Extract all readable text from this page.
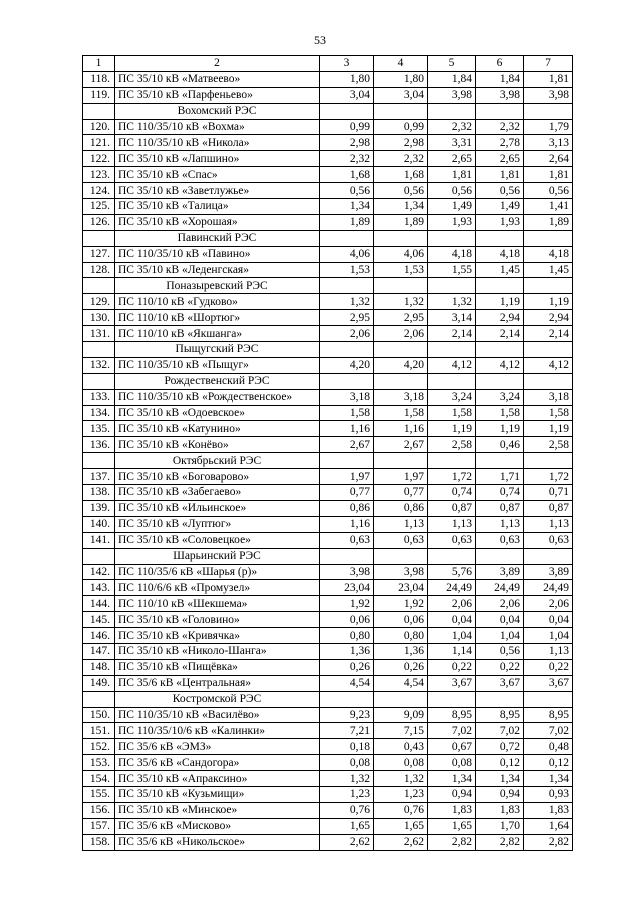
53
1	2	3	4	5	6	7
118.	ПС 35/10 кВ «Матвеево»	1,80	1,80	1,84	1,84	1,81
119.	ПС 35/10 кВ «Парфеньево»	3,04	3,04	3,98	3,98	3,98
	Вохомский РЭС					
120.	ПС 110/35/10 кВ «Вохма»	0,99	0,99	2,32	2,32	1,79
121.	ПС 110/35/10 кВ «Никола»	2,98	2,98	3,31	2,78	3,13
122.	ПС 35/10 кВ «Лапшино»	2,32	2,32	2,65	2,65	2,64
123.	ПС 35/10 кВ «Спас»	1,68	1,68	1,81	1,81	1,81
124.	ПС 35/10 кВ «Заветлужье»	0,56	0,56	0,56	0,56	0,56
125.	ПС 35/10 кВ «Талица»	1,34	1,34	1,49	1,49	1,41
126.	ПС 35/10 кВ «Хорошая»	1,89	1,89	1,93	1,93	1,89
	Павинский РЭС					
127.	ПС 110/35/10 кВ «Павино»	4,06	4,06	4,18	4,18	4,18
128.	ПС 35/10 кВ «Леденгская»	1,53	1,53	1,55	1,45	1,45
	Поназыревский РЭС					
129.	ПС 110/10 кВ «Гудково»	1,32	1,32	1,32	1,19	1,19
130.	ПС 110/10 кВ «Шортюг»	2,95	2,95	3,14	2,94	2,94
131.	ПС 110/10 кВ «Якшанга»	2,06	2,06	2,14	2,14	2,14
	Пыщугский РЭС					
132.	ПС 110/35/10 кВ «Пыщуг»	4,20	4,20	4,12	4,12	4,12
	Рождественский РЭС					
133.	ПС 110/35/10 кВ «Рождественское»	3,18	3,18	3,24	3,24	3,18
134.	ПС 35/10 кВ «Одоевское»	1,58	1,58	1,58	1,58	1,58
135.	ПС 35/10 кВ «Катунино»	1,16	1,16	1,19	1,19	1,19
136.	ПС 35/10 кВ «Конёво»	2,67	2,67	2,58	0,46	2,58
	Октябрьский РЭС					
137.	ПС 35/10 кВ «Боговарово»	1,97	1,97	1,72	1,71	1,72
138.	ПС 35/10 кВ «Забегаево»	0,77	0,77	0,74	0,74	0,71
139.	ПС 35/10 кВ «Ильинское»	0,86	0,86	0,87	0,87	0,87
140.	ПС 35/10 кВ «Луптюг»	1,16	1,13	1,13	1,13	1,13
141.	ПС 35/10 кВ «Соловецкое»	0,63	0,63	0,63	0,63	0,63
	Шарьинский РЭС					
142.	ПС 110/35/6 кВ «Шарья (р)»	3,98	3,98	5,76	3,89	3,89
143.	ПС 110/6/6 кВ «Промузел»	23,04	23,04	24,49	24,49	24,49
144.	ПС 110/10 кВ «Шекшема»	1,92	1,92	2,06	2,06	2,06
145.	ПС 35/10 кВ «Головино»	0,06	0,06	0,04	0,04	0,04
146.	ПС 35/10 кВ «Кривячка»	0,80	0,80	1,04	1,04	1,04
147.	ПС 35/10 кВ «Николо-Шанга»	1,36	1,36	1,14	0,56	1,13
148.	ПС 35/10 кВ «Пищёвка»	0,26	0,26	0,22	0,22	0,22
149.	ПС 35/6 кВ «Центральная»	4,54	4,54	3,67	3,67	3,67
	Костромской РЭС					
150.	ПС 110/35/10 кВ «Василёво»	9,23	9,09	8,95	8,95	8,95
151.	ПС 110/35/10/6 кВ «Калинки»	7,21	7,15	7,02	7,02	7,02
152.	ПС 35/6 кВ «ЭМЗ»	0,18	0,43	0,67	0,72	0,48
153.	ПС 35/6 кВ «Сандогора»	0,08	0,08	0,08	0,12	0,12
154.	ПС 35/10 кВ «Апраксино»	1,32	1,32	1,34	1,34	1,34
155.	ПС 35/10 кВ «Кузьмищи»	1,23	1,23	0,94	0,94	0,93
156.	ПС 35/10 кВ «Минское»	0,76	0,76	1,83	1,83	1,83
157.	ПС 35/6 кВ «Мисково»	1,65	1,65	1,65	1,70	1,64
158.	ПС 35/6 кВ «Никольское»	2,62	2,62	2,82	2,82	2,82
